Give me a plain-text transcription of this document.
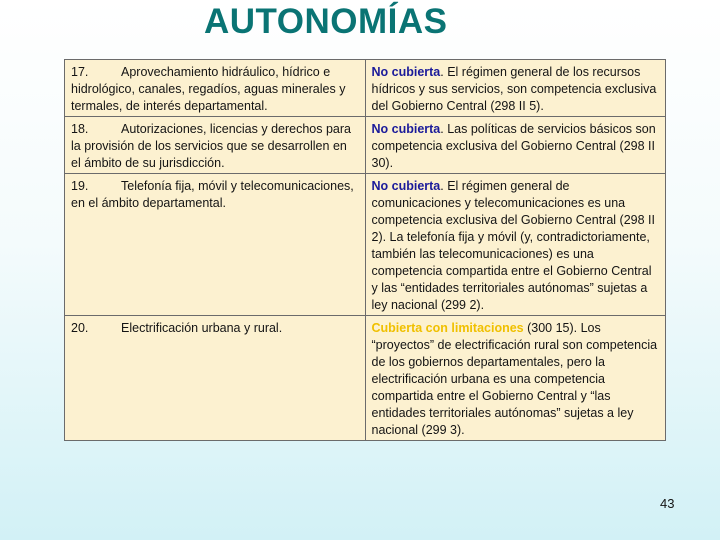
AUTONOMÍAS
17. Aprovechamiento hidráulico, hídrico e hidrológico, canales, regadíos, aguas minerales y termales, de interés departamental.	No cubierta. El régimen general de los recursos hídricos y sus servicios, son competencia exclusiva del Gobierno Central (298 II 5).
18. Autorizaciones, licencias y derechos para la provisión de los servicios que se desarrollen en el ámbito de su jurisdicción.	No cubierta. Las políticas de servicios básicos son competencia exclusiva del Gobierno Central (298 II 30).
19. Telefonía fija, móvil y telecomunicaciones, en el ámbito departamental.	No cubierta. El régimen general de comunicaciones y telecomunicaciones es una competencia exclusiva del Gobierno Central (298 II 2). La telefonía fija y móvil (y, contradictoriamente, también las telecomunicaciones) es una competencia compartida entre el Gobierno Central y las “entidades territoriales autónomas” sujetas a ley nacional (299 2).
20. Electrificación urbana y rural.	Cubierta con limitaciones (300 15). Los “proyectos” de electrificación rural son competencia de los gobiernos departamentales, pero la electrificación urbana es una competencia compartida entre el Gobierno Central y “las entidades territoriales autónomas” sujetas a ley nacional (299 3).
43
